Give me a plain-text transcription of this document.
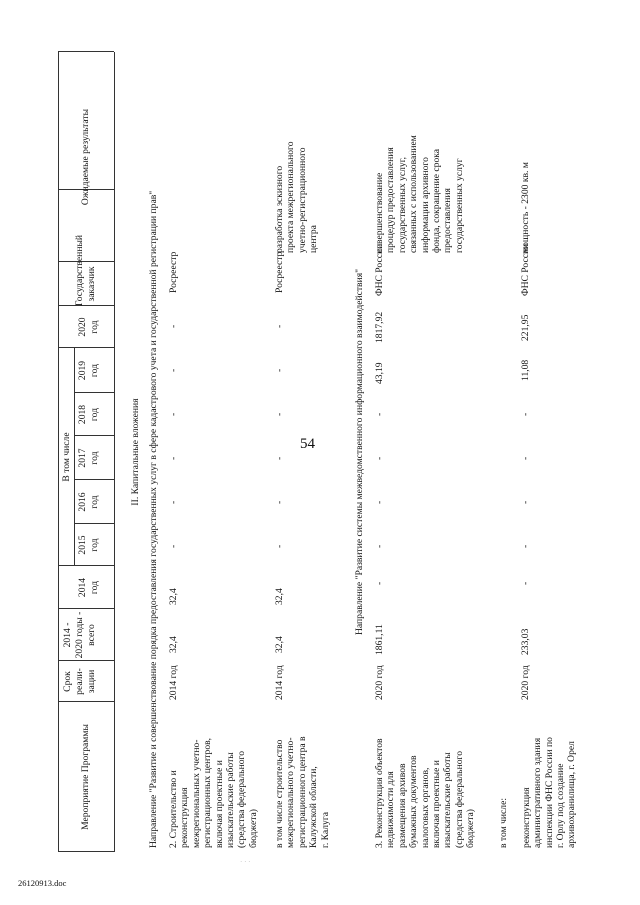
54
26120913.doc
· · ·
Мероприятие Программы
Срок реали- зации
2014 - 2020 годы - всего
В том числе
2014 год
2015 год
2016 год
2017 год
2018 год
2019 год
2020 год
Государственный заказчик
Ожидаемые результаты
II. Капитальные вложения Направление "Развитие и совершенствование порядка предоставления государственных услуг в сфере кадастрового учета и государственной регистрации прав" 2. Строительство и
реконструкция
межрегиональных учетно-
регистрационных центров,
включая проектные и
изыскательские работы
(средства федерального
бюджета)
2014 год
32,4
32,4
-
-
-
-
-
-
Росреестр
в том числе строительство
межрегионального учетно-
регистрационного центра в
Калужской области,
г. Калуга
2014 год
32,4
32,4
-
-
-
-
-
-
Росреестр
разработка эскизного
проекта межрегионального
учетно-регистрационного
центра
Направление "Развитие системы межведомственного информационного взаимодействия"
3. Реконструкция объектов
недвижимости для
размещения архивов
бумажных документов
налоговых органов,
включая проектные и
изыскательские работы
(средства федерального
бюджета)
2020 год
1861,11
-
-
-
-
-
43,19
1817,92
ФНС России
совершенствование
процедур предоставления
государственных услуг,
связанных с использованием
информации архивного
фонда, сокращение срока
предоставления
государственных услуг
в том числе: реконструкция
административного здания
инспекции ФНС России по
г. Орлу под создание
архивохранилища, г. Орел
2020 год
233,03
-
-
-
-
-
11,08
221,95
ФНС России
мощность - 2300 кв. м
